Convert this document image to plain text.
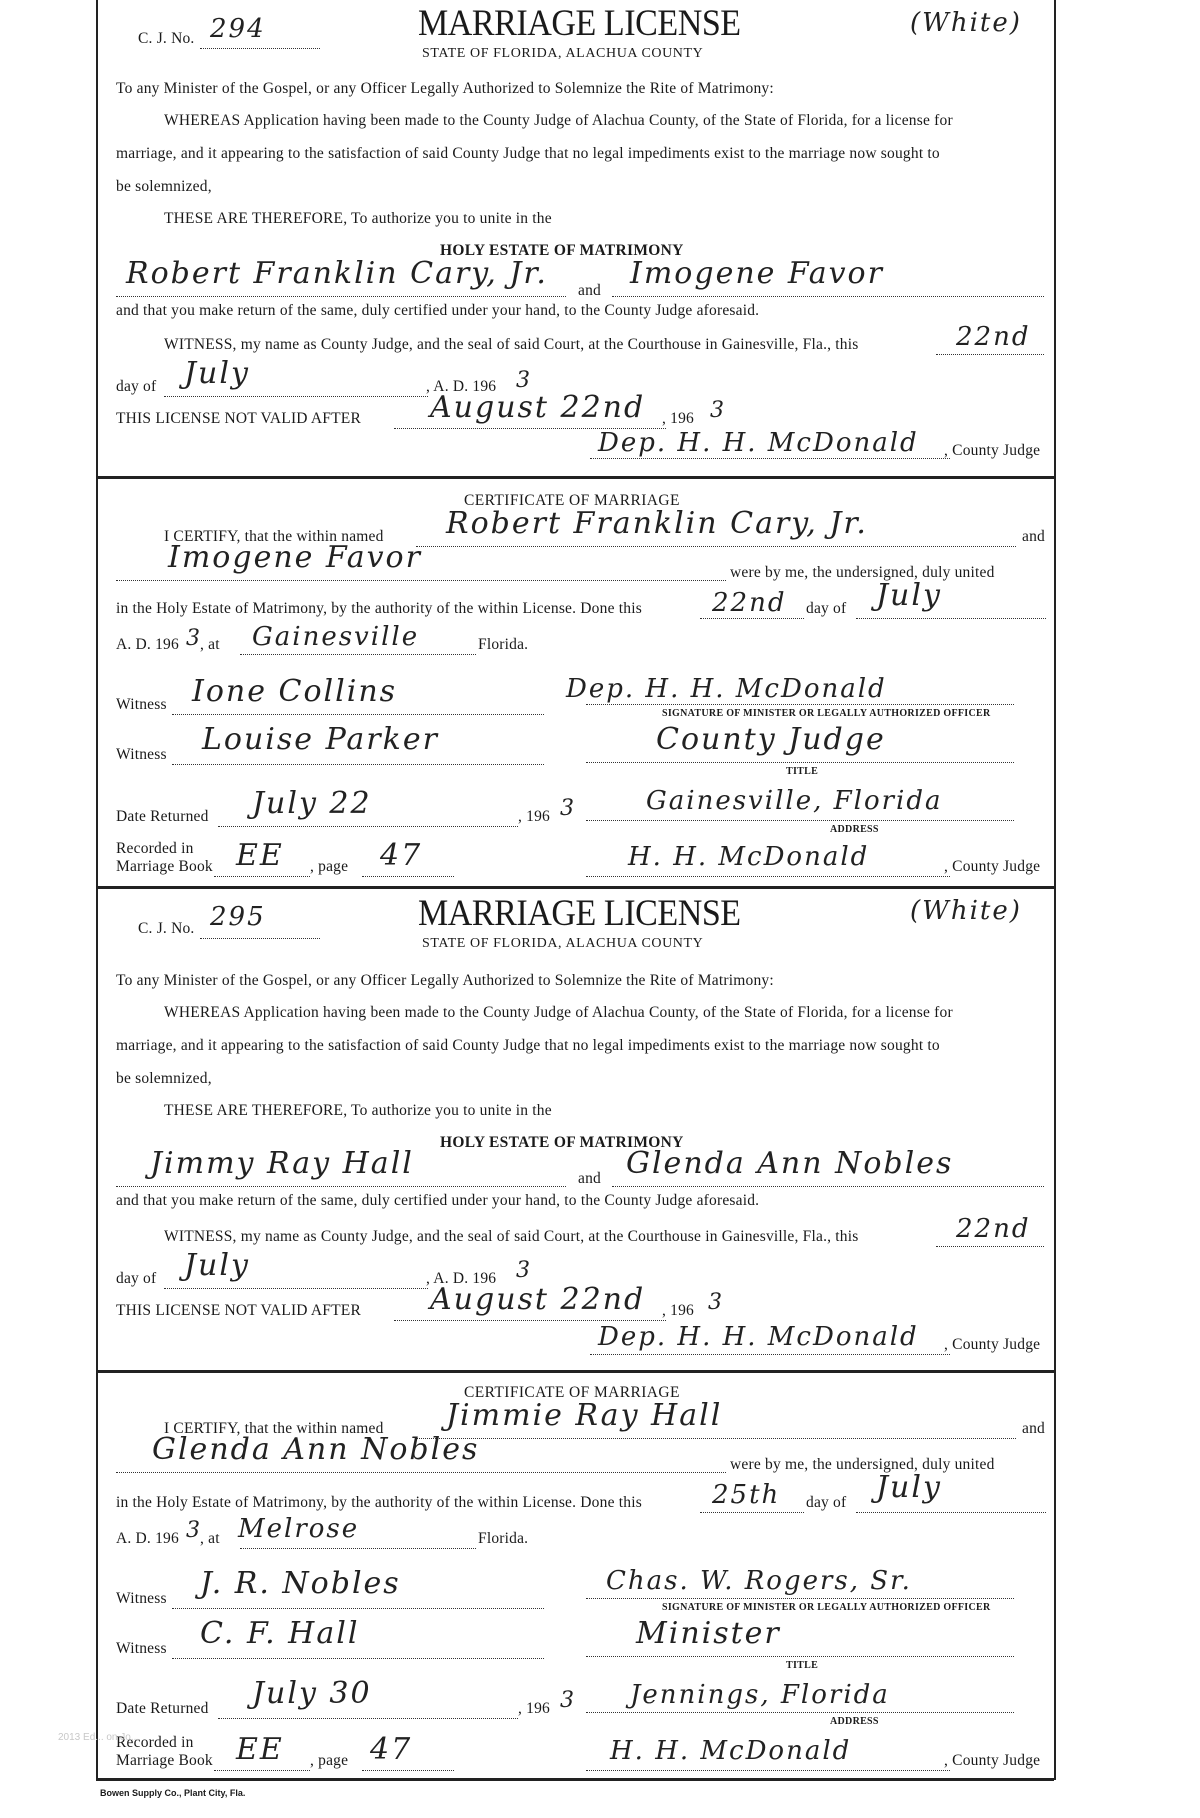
C. J. No. 294	MARRIAGE LICENSE
STATE OF FLORIDA, ALACHUA COUNTY
(White)
To any Minister of the Gospel, or any Officer Legally Authorized to Solemnize the Rite of Matrimony:
WHEREAS Application having been made to the County Judge of Alachua County, of the State of Florida, for a license for
marriage, and it appearing to the satisfaction of said County Judge that no legal impediments exist to the marriage now sought to
be solemnized,
THESE ARE THEREFORE, To authorize you to unite in the
HOLY ESTATE OF MATRIMONY
Robert Franklin Cary, Jr. and Imogene Favor
and that you make return of the same, duly certified under your hand, to the County Judge aforesaid.
WITNESS, my name as County Judge, and the seal of said Court, at the Courthouse in Gainesville, Fla., this	22nd
day of July	, A. D. 196 3
THIS LICENSE NOT VALID AFTER August 22nd , 196 3
Dep. H. H. McDonald , County Judge
CERTIFICATE OF MARRIAGE
I CERTIFY, that the within named Robert Franklin Cary, Jr.	and
Imogene Favor	were by me, the undersigned, duly united
in the Holy Estate of Matrimony, by the authority of the within License. Done this	22nd day of July
A. D. 196 3
, at Gainesville	Florida.
Witness Ione Collins	Dep. H. H. McDonald
SIGNATURE OF MINISTER OR LEGALLY AUTHORIZED OFFICER
Witness Louise Parker	County Judge
TITLE
Date Returned July 22	, 196 3	Gainesville, Florida
ADDRESS
Recorded in
Marriage Book EE , page 47	H. H. McDonald	, County Judge
C. J. No. 295	MARRIAGE LICENSE
STATE OF FLORIDA, ALACHUA COUNTY
(White)
To any Minister of the Gospel, or any Officer Legally Authorized to Solemnize the Rite of Matrimony:
WHEREAS Application having been made to the County Judge of Alachua County, of the State of Florida, for a license for
marriage, and it appearing to the satisfaction of said County Judge that no legal impediments exist to the marriage now sought to
be solemnized,
THESE ARE THEREFORE, To authorize you to unite in the
HOLY ESTATE OF MATRIMONY
Jimmy Ray Hall	and Glenda Ann Nobles
and that you make return of the same, duly certified under your hand, to the County Judge aforesaid.
WITNESS, my name as County Judge, and the seal of said Court, at the Courthouse in Gainesville, Fla., this	22nd
day of July	, A. D. 196 3
THIS LICENSE NOT VALID AFTER August 22nd , 196 3
Dep. H. H. McDonald , County Judge
CERTIFICATE OF MARRIAGE
I CERTIFY, that the within named Jimmie Ray Hall	and
Glenda Ann Nobles	were by me, the undersigned, duly united
in the Holy Estate of Matrimony, by the authority of the within License. Done this	25th day of July
A. D. 196 3
, at Melrose	Florida.
Witness J. R. Nobles	Chas. W. Rogers, Sr.
SIGNATURE OF MINISTER OR LEGALLY AUTHORIZED OFFICER
Witness C. F. Hall	Minister
TITLE
Date Returned July 30	, 196 3 Jennings, Florida
ADDRESS
Recorded in
Marriage Book EE , page 47	H. H. McDonald	, County Judge
2013 Ed... on Jo...
Bowen Supply Co., Plant City, Fla.
